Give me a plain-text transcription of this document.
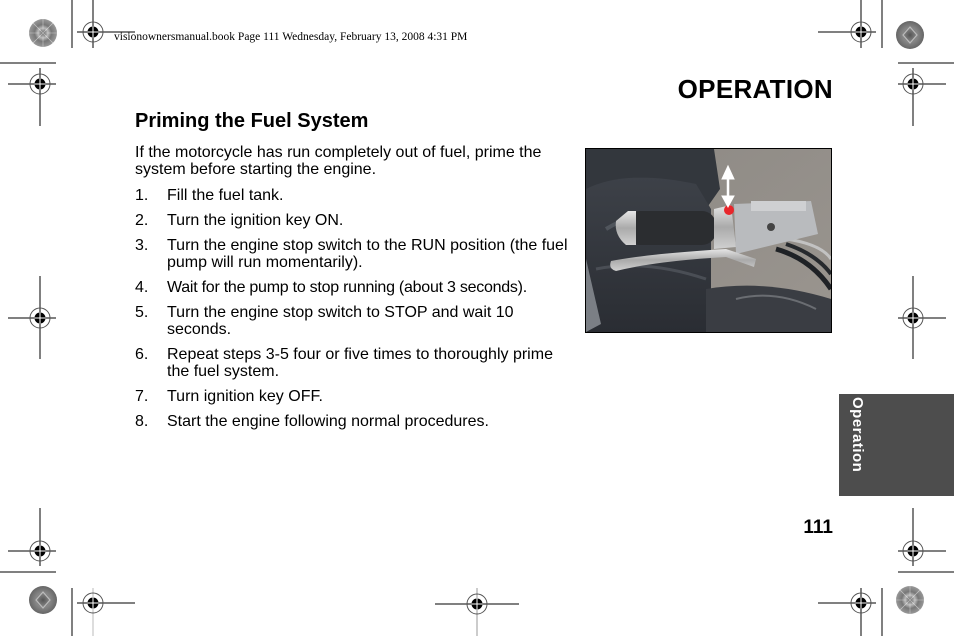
visionownersmanual.book Page 111 Wednesday, February 13, 2008 4:31 PM
OPERATION
Priming the Fuel System

If the motorcycle has run completely out of fuel, prime the system before starting the engine.

1.	Fill the fuel tank.
2.	Turn the ignition key ON.
3.	Turn the engine stop switch to the RUN position (the fuel pump will run momentarily).
4.	Wait for the pump to stop running (about 3 seconds).
5.	Turn the engine stop switch to STOP and wait 10 seconds.
6.	Repeat steps 3-5 four or five times to thoroughly prime the fuel system.
7.	Turn ignition key OFF.
8.	Start the engine following normal procedures.	Operation
111
